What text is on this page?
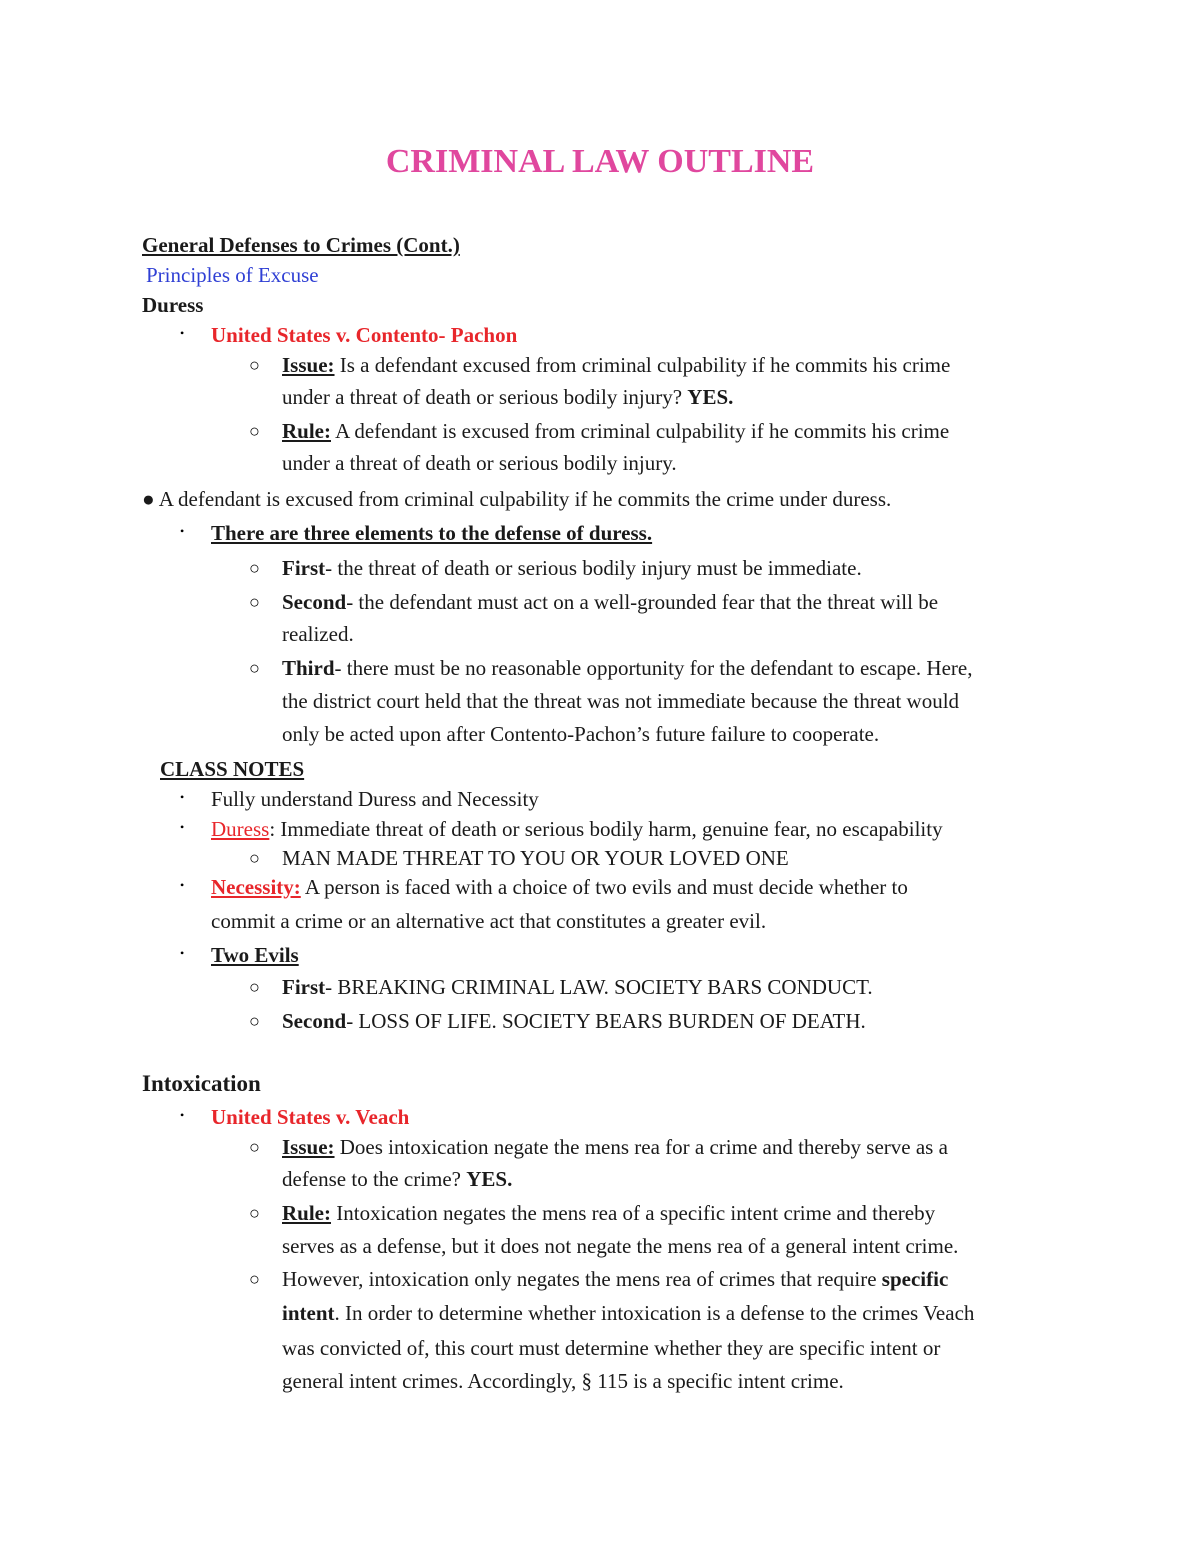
CRIMINAL LAW OUTLINE
General Defenses to Crimes (Cont.)
Principles of Excuse
Duress
• United States v. Contento- Pachon
○ Issue: Is a defendant excused from criminal culpability if he commits his crime
under a threat of death or serious bodily injury? YES.
○ Rule: A defendant is excused from criminal culpability if he commits his crime
under a threat of death or serious bodily injury.
● A defendant is excused from criminal culpability if he commits the crime under duress.
• There are three elements to the defense of duress.
○ First- the threat of death or serious bodily injury must be immediate.
○ Second- the defendant must act on a well-grounded fear that the threat will be
realized.
○ Third- there must be no reasonable opportunity for the defendant to escape. Here,
the district court held that the threat was not immediate because the threat would
only be acted upon after Contento-Pachon’s future failure to cooperate.
CLASS NOTES
• Fully understand Duress and Necessity
• Duress: Immediate threat of death or serious bodily harm, genuine fear, no escapability
○ MAN MADE THREAT TO YOU OR YOUR LOVED ONE
• Necessity: A person is faced with a choice of two evils and must decide whether to
commit a crime or an alternative act that constitutes a greater evil.
• Two Evils
○ First- BREAKING CRIMINAL LAW. SOCIETY BARS CONDUCT.
○ Second- LOSS OF LIFE. SOCIETY BEARS BURDEN OF DEATH.
Intoxication
• United States v. Veach
○ Issue: Does intoxication negate the mens rea for a crime and thereby serve as a
defense to the crime? YES.
○ Rule: Intoxication negates the mens rea of a specific intent crime and thereby
serves as a defense, but it does not negate the mens rea of a general intent crime.
○ However, intoxication only negates the mens rea of crimes that require specific
intent. In order to determine whether intoxication is a defense to the crimes Veach
was convicted of, this court must determine whether they are specific intent or
general intent crimes. Accordingly, § 115 is a specific intent crime.
